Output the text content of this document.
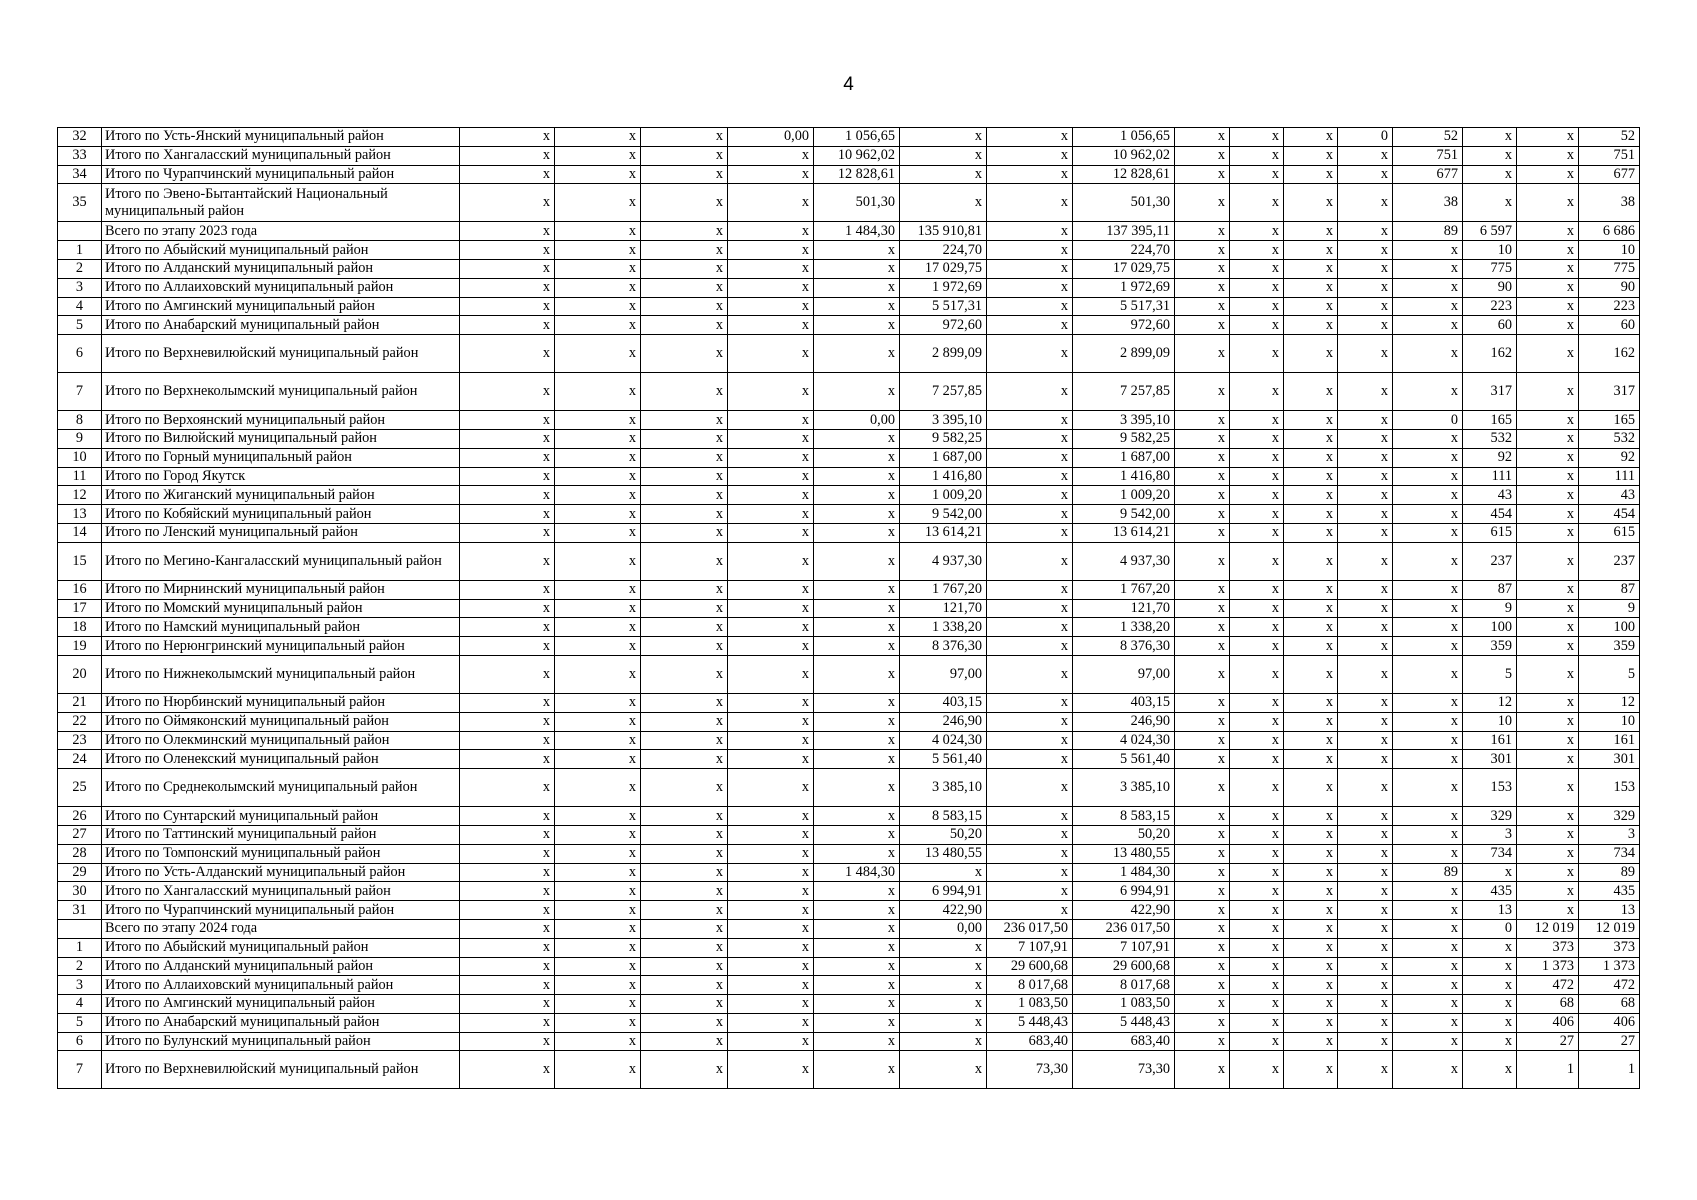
4
32	Итого по Усть-Янский муниципальный район	х	х	х	0,00	1 056,65	х	х	1 056,65	х	х	х	0	52	х	х	52
33	Итого по Хангаласский муниципальный район	х	х	х	х	10 962,02	х	х	10 962,02	х	х	х	х	751	х	х	751
34	Итого по Чурапчинский муниципальный район	х	х	х	х	12 828,61	х	х	12 828,61	х	х	х	х	677	х	х	677
35	Итого по Эвено-Бытантайский Национальный муниципальный район	х	х	х	х	501,30	х	х	501,30	х	х	х	х	38	х	х	38
	Всего по этапу 2023 года	х	х	х	х	1 484,30	135 910,81	х	137 395,11	х	х	х	х	89	6 597	х	6 686
1	Итого по Абыйский муниципальный район	х	х	х	х	х	224,70	х	224,70	х	х	х	х	х	10	х	10
2	Итого по Алданский муниципальный район	х	х	х	х	х	17 029,75	х	17 029,75	х	х	х	х	х	775	х	775
3	Итого по Аллаиховский муниципальный район	х	х	х	х	х	1 972,69	х	1 972,69	х	х	х	х	х	90	х	90
4	Итого по Амгинский муниципальный район	х	х	х	х	х	5 517,31	х	5 517,31	х	х	х	х	х	223	х	223
5	Итого по Анабарский муниципальный район	х	х	х	х	х	972,60	х	972,60	х	х	х	х	х	60	х	60
6	Итого по Верхневилюйский муниципальный район	х	х	х	х	х	2 899,09	х	2 899,09	х	х	х	х	х	162	х	162
7	Итого по Верхнеколымский муниципальный район	х	х	х	х	х	7 257,85	х	7 257,85	х	х	х	х	х	317	х	317
8	Итого по Верхоянский муниципальный район	х	х	х	х	0,00	3 395,10	х	3 395,10	х	х	х	х	0	165	х	165
9	Итого по Вилюйский муниципальный район	х	х	х	х	х	9 582,25	х	9 582,25	х	х	х	х	х	532	х	532
10	Итого по Горный муниципальный район	х	х	х	х	х	1 687,00	х	1 687,00	х	х	х	х	х	92	х	92
11	Итого по Город Якутск	х	х	х	х	х	1 416,80	х	1 416,80	х	х	х	х	х	111	х	111
12	Итого по Жиганский муниципальный район	х	х	х	х	х	1 009,20	х	1 009,20	х	х	х	х	х	43	х	43
13	Итого по Кобяйский муниципальный район	х	х	х	х	х	9 542,00	х	9 542,00	х	х	х	х	х	454	х	454
14	Итого по Ленский муниципальный район	х	х	х	х	х	13 614,21	х	13 614,21	х	х	х	х	х	615	х	615
15	Итого по Мегино-Кангаласский муниципальный район	х	х	х	х	х	4 937,30	х	4 937,30	х	х	х	х	х	237	х	237
16	Итого по Мирнинский муниципальный район	х	х	х	х	х	1 767,20	х	1 767,20	х	х	х	х	х	87	х	87
17	Итого по Момский муниципальный район	х	х	х	х	х	121,70	х	121,70	х	х	х	х	х	9	х	9
18	Итого по Намский муниципальный район	х	х	х	х	х	1 338,20	х	1 338,20	х	х	х	х	х	100	х	100
19	Итого по Нерюнгринский муниципальный район	х	х	х	х	х	8 376,30	х	8 376,30	х	х	х	х	х	359	х	359
20	Итого по Нижнеколымский муниципальный район	х	х	х	х	х	97,00	х	97,00	х	х	х	х	х	5	х	5
21	Итого по Нюрбинский муниципальный район	х	х	х	х	х	403,15	х	403,15	х	х	х	х	х	12	х	12
22	Итого по Оймяконский муниципальный район	х	х	х	х	х	246,90	х	246,90	х	х	х	х	х	10	х	10
23	Итого по Олекминский муниципальный район	х	х	х	х	х	4 024,30	х	4 024,30	х	х	х	х	х	161	х	161
24	Итого по Оленекский муниципальный район	х	х	х	х	х	5 561,40	х	5 561,40	х	х	х	х	х	301	х	301
25	Итого по Среднеколымский муниципальный район	х	х	х	х	х	3 385,10	х	3 385,10	х	х	х	х	х	153	х	153
26	Итого по Сунтарский муниципальный район	х	х	х	х	х	8 583,15	х	8 583,15	х	х	х	х	х	329	х	329
27	Итого по Таттинский муниципальный район	х	х	х	х	х	50,20	х	50,20	х	х	х	х	х	3	х	3
28	Итого по Томпонский муниципальный район	х	х	х	х	х	13 480,55	х	13 480,55	х	х	х	х	х	734	х	734
29	Итого по Усть-Алданский муниципальный район	х	х	х	х	1 484,30	х	х	1 484,30	х	х	х	х	89	х	х	89
30	Итого по Хангаласский муниципальный район	х	х	х	х	х	6 994,91	х	6 994,91	х	х	х	х	х	435	х	435
31	Итого по Чурапчинский муниципальный район	х	х	х	х	х	422,90	х	422,90	х	х	х	х	х	13	х	13
	Всего по этапу 2024 года	х	х	х	х	х	0,00	236 017,50	236 017,50	х	х	х	х	х	0	12 019	12 019
1	Итого по Абыйский муниципальный район	х	х	х	х	х	х	7 107,91	7 107,91	х	х	х	х	х	х	373	373
2	Итого по Алданский муниципальный район	х	х	х	х	х	х	29 600,68	29 600,68	х	х	х	х	х	х	1 373	1 373
3	Итого по Аллаиховский муниципальный район	х	х	х	х	х	х	8 017,68	8 017,68	х	х	х	х	х	х	472	472
4	Итого по Амгинский муниципальный район	х	х	х	х	х	х	1 083,50	1 083,50	х	х	х	х	х	х	68	68
5	Итого по Анабарский муниципальный район	х	х	х	х	х	х	5 448,43	5 448,43	х	х	х	х	х	х	406	406
6	Итого по Булунский муниципальный район	х	х	х	х	х	х	683,40	683,40	х	х	х	х	х	х	27	27
7	Итого по Верхневилюйский муниципальный район	х	х	х	х	х	х	73,30	73,30	х	х	х	х	х	х	1	1
